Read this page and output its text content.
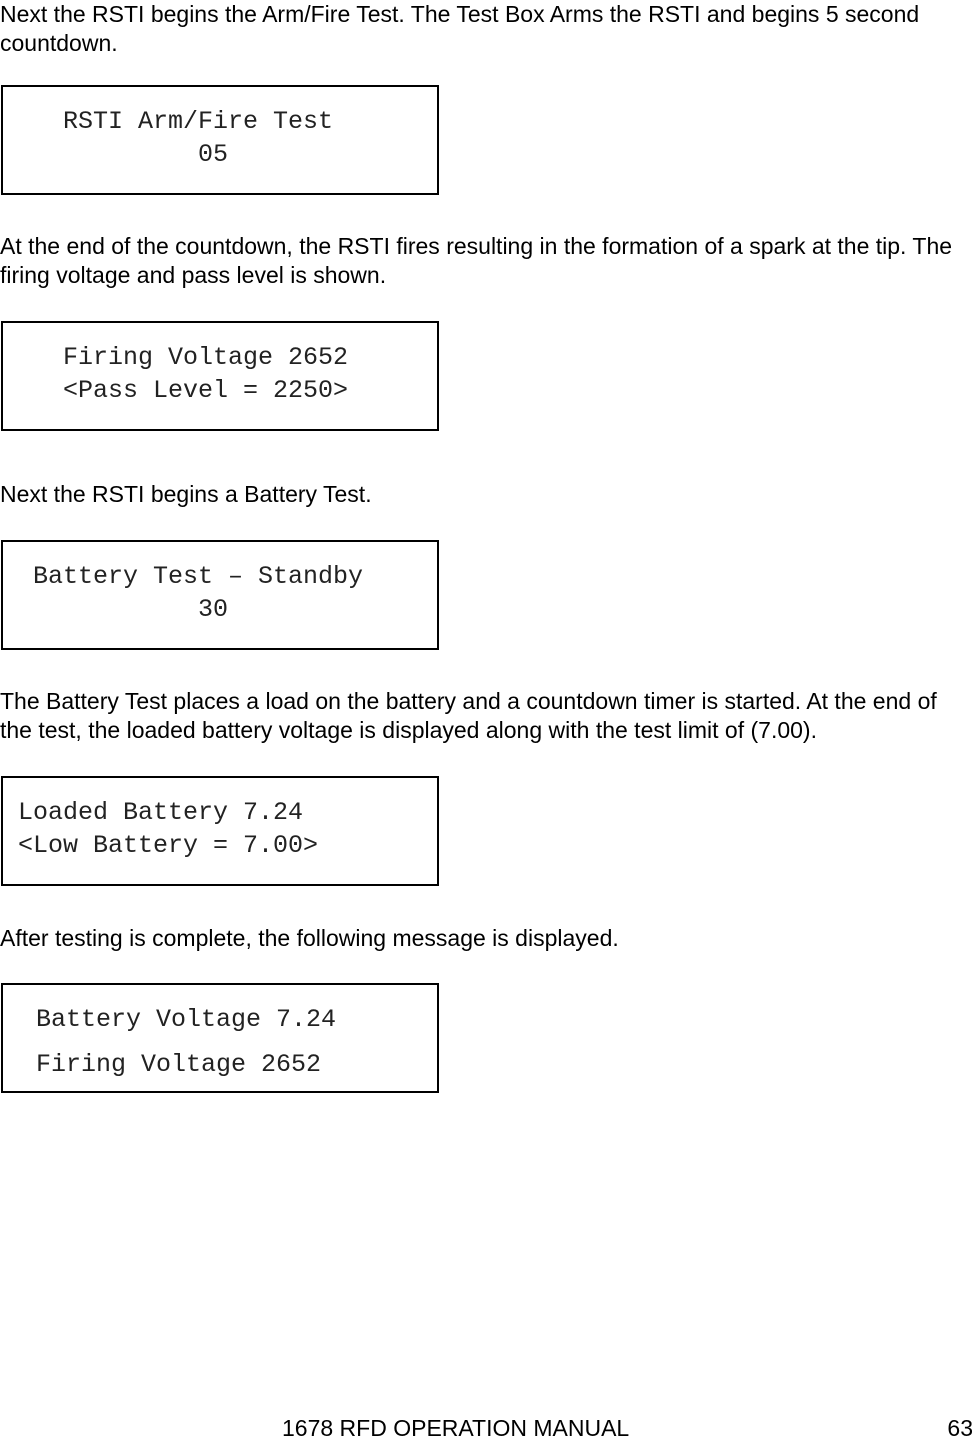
Next the RSTI begins the Arm/Fire Test. The Test Box Arms the RSTI and begins 5 second countdown.

RSTI Arm/Fire Test
05

At the end of the countdown, the RSTI fires resulting in the formation of a spark at the tip. The firing voltage and pass level is shown.

Firing Voltage 2652
<Pass Level = 2250>

Next the RSTI begins a Battery Test.

Battery Test – Standby
30

The Battery Test places a load on the battery and a countdown timer is started. At the end of the test, the loaded battery voltage is displayed along with the test limit of (7.00).

Loaded Battery 7.24
<Low Battery = 7.00>

After testing is complete, the following message is displayed.

Battery Voltage 7.24
Firing Voltage 2652
1678 RFD OPERATION MANUAL	63
